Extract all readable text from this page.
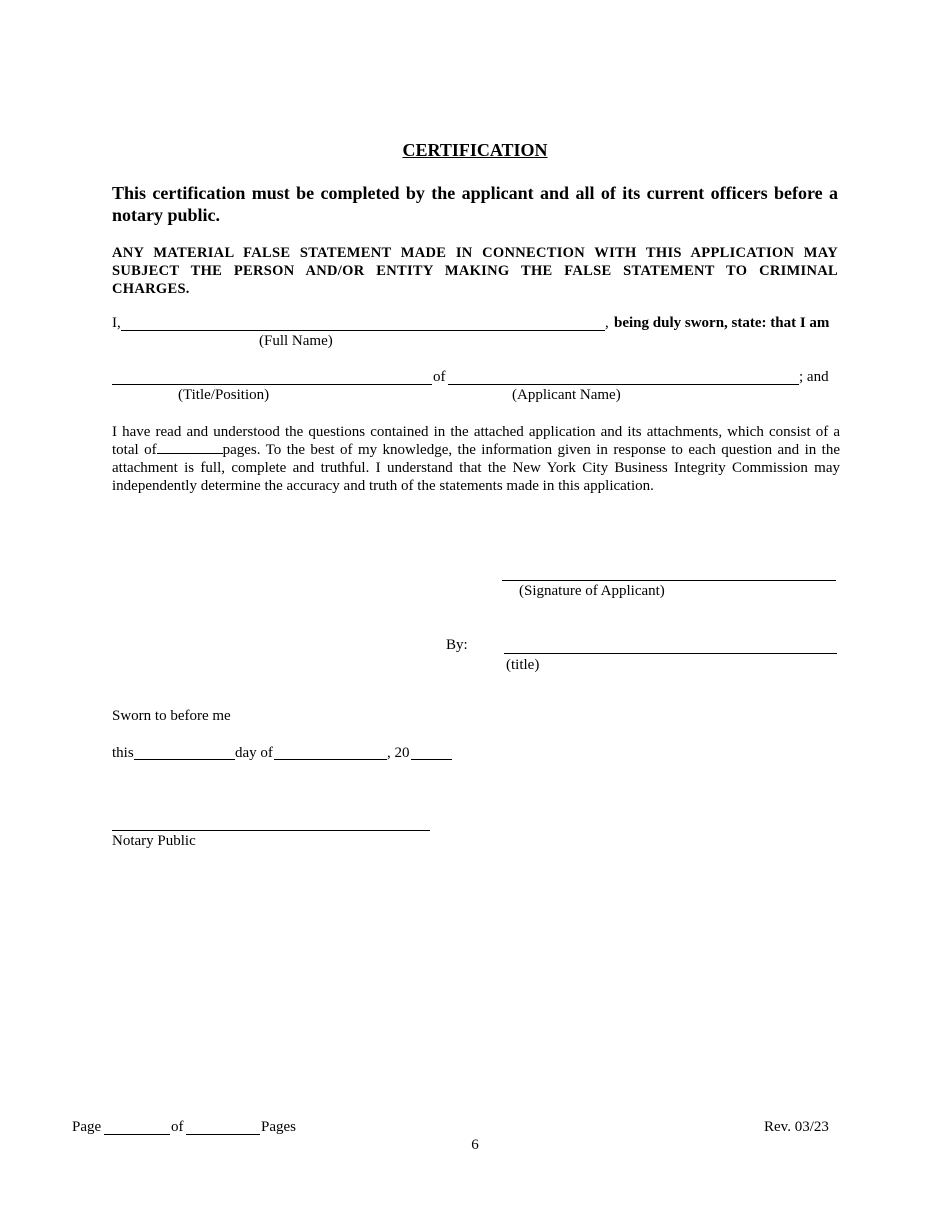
CERTIFICATION
This certification must be completed by the applicant and all of its current officers before a notary public.
ANY MATERIAL FALSE STATEMENT MADE IN CONNECTION WITH THIS APPLICATION MAY SUBJECT THE PERSON AND/OR ENTITY MAKING THE FALSE STATEMENT TO CRIMINAL CHARGES.
I,	, being duly sworn, state: that I am
(Full Name)
of	; and
(Title/Position)	(Applicant Name)
I have read and understood the questions contained in the attached application and its attachments, which consist of a total of	pages. To the best of my knowledge, the information given in response to each question and in the attachment is full, complete and truthful. I understand that the New York City Business Integrity Commission may independently determine the accuracy and truth of the statements made in this application.
(Signature of Applicant)
By:
(title)
Sworn to before me
this	day of	, 20
Notary Public
Page	of	Pages	Rev. 03/23
6
